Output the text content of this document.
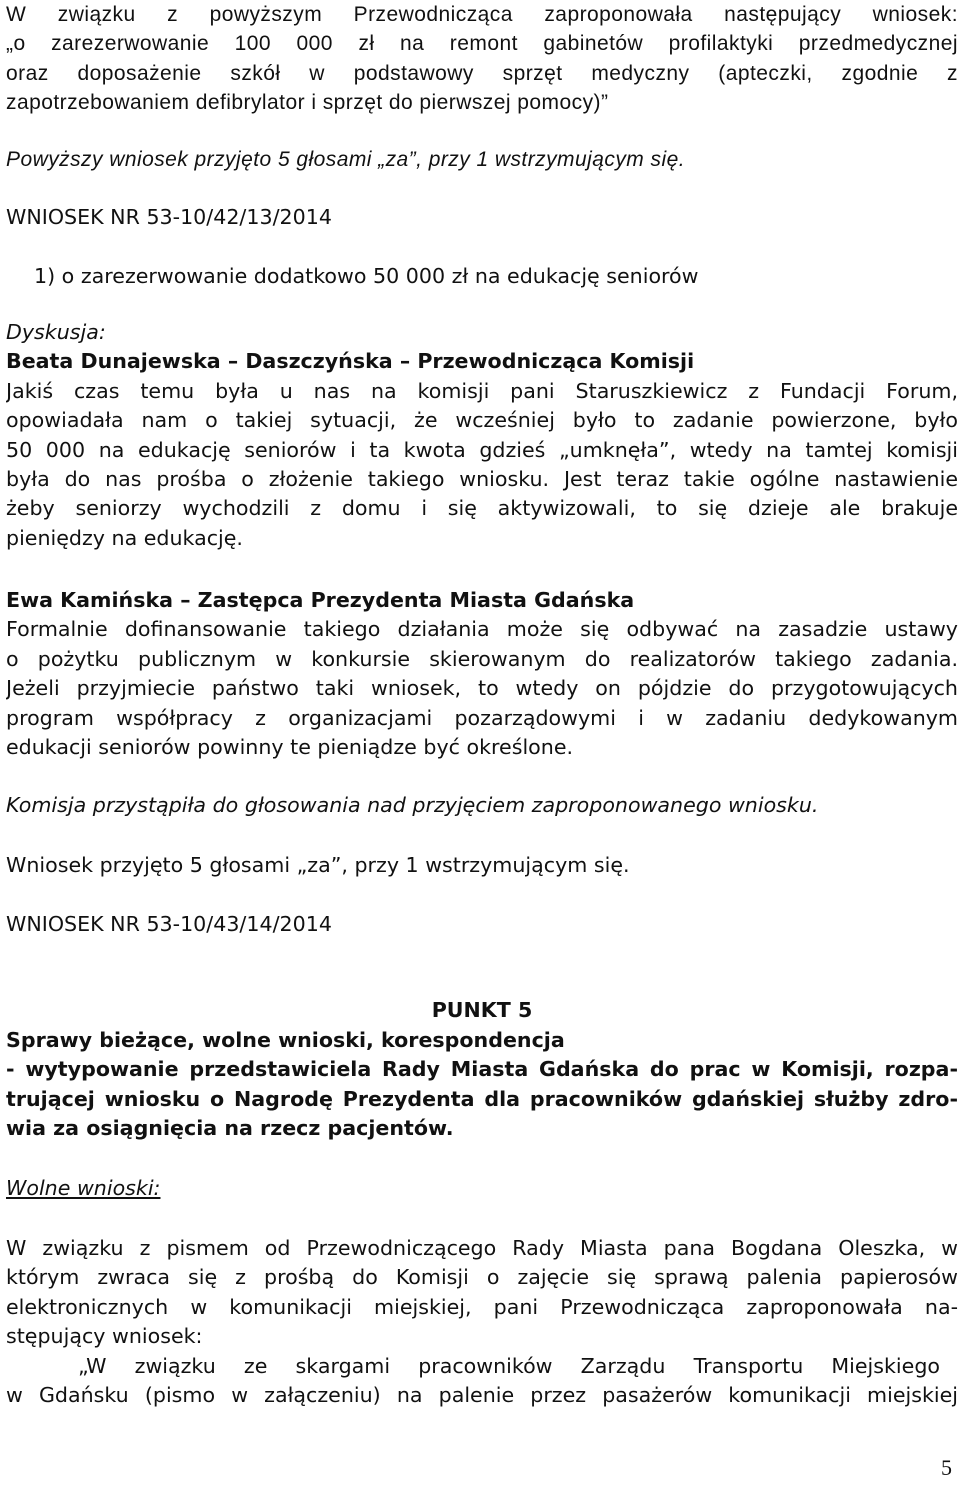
W związku z powyższym Przewodnicząca zaproponowała następujący wniosek:
„o zarezerwowanie 100 000 zł na remont gabinetów profilaktyki przedmedycznej
oraz doposażenie szkół w podstawowy sprzęt medyczny (apteczki, zgodnie z
zapotrzebowaniem defibrylator i sprzęt do pierwszej pomocy)”
Powyższy wniosek przyjęto 5 głosami „za”, przy 1 wstrzymującym się.
WNIOSEK NR 53-10/42/13/2014
1) o zarezerwowanie dodatkowo 50 000 zł na edukację seniorów
Dyskusja:
Beata Dunajewska – Daszczyńska – Przewodnicząca Komisji
Jakiś czas temu była u nas na komisji pani Staruszkiewicz z Fundacji Forum,
opowiadała nam o takiej sytuacji, że wcześniej było to zadanie powierzone, było
50 000 na edukację seniorów i ta kwota gdzieś „umknęła”, wtedy na tamtej komisji
była do nas prośba o złożenie takiego wniosku. Jest teraz takie ogólne nastawienie
żeby seniorzy wychodzili z domu i się aktywizowali, to się dzieje ale brakuje
pieniędzy na edukację.
Ewa Kamińska – Zastępca Prezydenta Miasta Gdańska
Formalnie dofinansowanie takiego działania może się odbywać na zasadzie ustawy
o pożytku publicznym w konkursie skierowanym do realizatorów takiego zadania.
Jeżeli przyjmiecie państwo taki wniosek, to wtedy on pójdzie do przygotowujących
program współpracy z organizacjami pozarządowymi i w zadaniu dedykowanym
edukacji seniorów powinny te pieniądze być określone.
Komisja przystąpiła do głosowania nad przyjęciem zaproponowanego wniosku.
Wniosek przyjęto 5 głosami „za”, przy 1 wstrzymującym się.
WNIOSEK NR 53-10/43/14/2014
PUNKT 5
Sprawy bieżące, wolne wnioski, korespondencja
- wytypowanie przedstawiciela Rady Miasta Gdańska do prac w Komisji, rozpa-
trującej wniosku o Nagrodę Prezydenta dla pracowników gdańskiej służby zdro-
wia za osiągnięcia na rzecz pacjentów.
Wolne wnioski:
W związku z pismem od Przewodniczącego Rady Miasta pana Bogdana Oleszka, w
którym zwraca się z prośbą do Komisji o zajęcie się sprawą palenia papierosów
elektronicznych w komunikacji miejskiej, pani Przewodnicząca zaproponowała na-
stępujący wniosek:
„W związku ze skargami pracowników Zarządu Transportu Miejskiego
w Gdańsku (pismo w załączeniu) na palenie przez pasażerów komunikacji miejskiej
5
